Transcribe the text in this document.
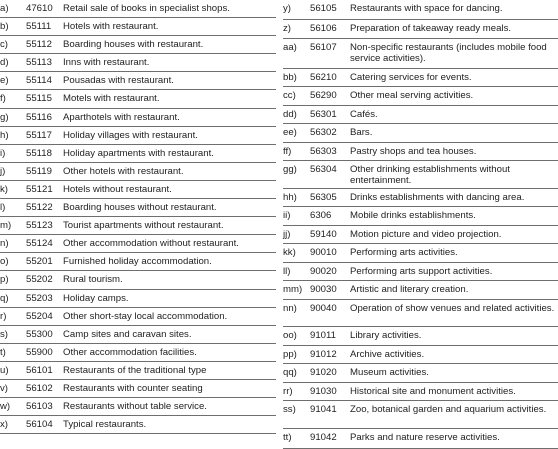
a)	47610	Retail sale of books in specialist shops.
b)	55111	Hotels with restaurant.
c)	55112	Boarding houses with restaurant.
d)	55113	Inns with restaurant.
e)	55114	Pousadas with restaurant.
f)	55115	Motels with restaurant.
g)	55116	Aparthotels with restaurant.
h)	55117	Holiday villages with restaurant.
i)	55118	Holiday apartments with restaurant.
j)	55119	Other hotels with restaurant.
k)	55121	Hotels without restaurant.
l)	55122	Boarding houses without restaurant.
m)	55123	Tourist apartments without restaurant.
n)	55124	Other accommodation without restaurant.
o)	55201	Furnished holiday accommodation.
p)	55202	Rural tourism.
q)	55203	Holiday camps.
r)	55204	Other short-stay local accommodation.
s)	55300	Camp sites and caravan sites.
t)	55900	Other accommodation facilities.
u)	56101	Restaurants of the traditional type
v)	56102	Restaurants with counter seating
w)	56103	Restaurants without table service.
x)	56104	Typical restaurants.
y)	56105	Restaurants with space for dancing.
z)	56106	Preparation of takeaway ready meals.
aa)	56107	Non-specific restaurants (includes mobile food service activities).
bb)	56210	Catering services for events.
cc)	56290	Other meal serving activities.
dd)	56301	Cafés.
ee)	56302	Bars.
ff)	56303	Pastry shops and tea houses.
gg)	56304	Other drinking establishments without entertainment.
hh)	56305	Drinks establishments with dancing area.
ii)	6306	Mobile drinks establishments.
jj)	59140	Motion picture and video projection.
kk)	90010	Performing arts activities.
ll)	90020	Performing arts support activities.
mm) 90030	Artistic and literary creation.
nn)	90040	Operation of show venues and related activities.
oo)	91011	Library activities.
pp)	91012	Archive activities.
qq)	91020	Museum activities.
rr)	91030	Historical site and monument activities.
ss)	91041	Zoo, botanical garden and aquarium activities.
tt)	91042	Parks and nature reserve activities.
